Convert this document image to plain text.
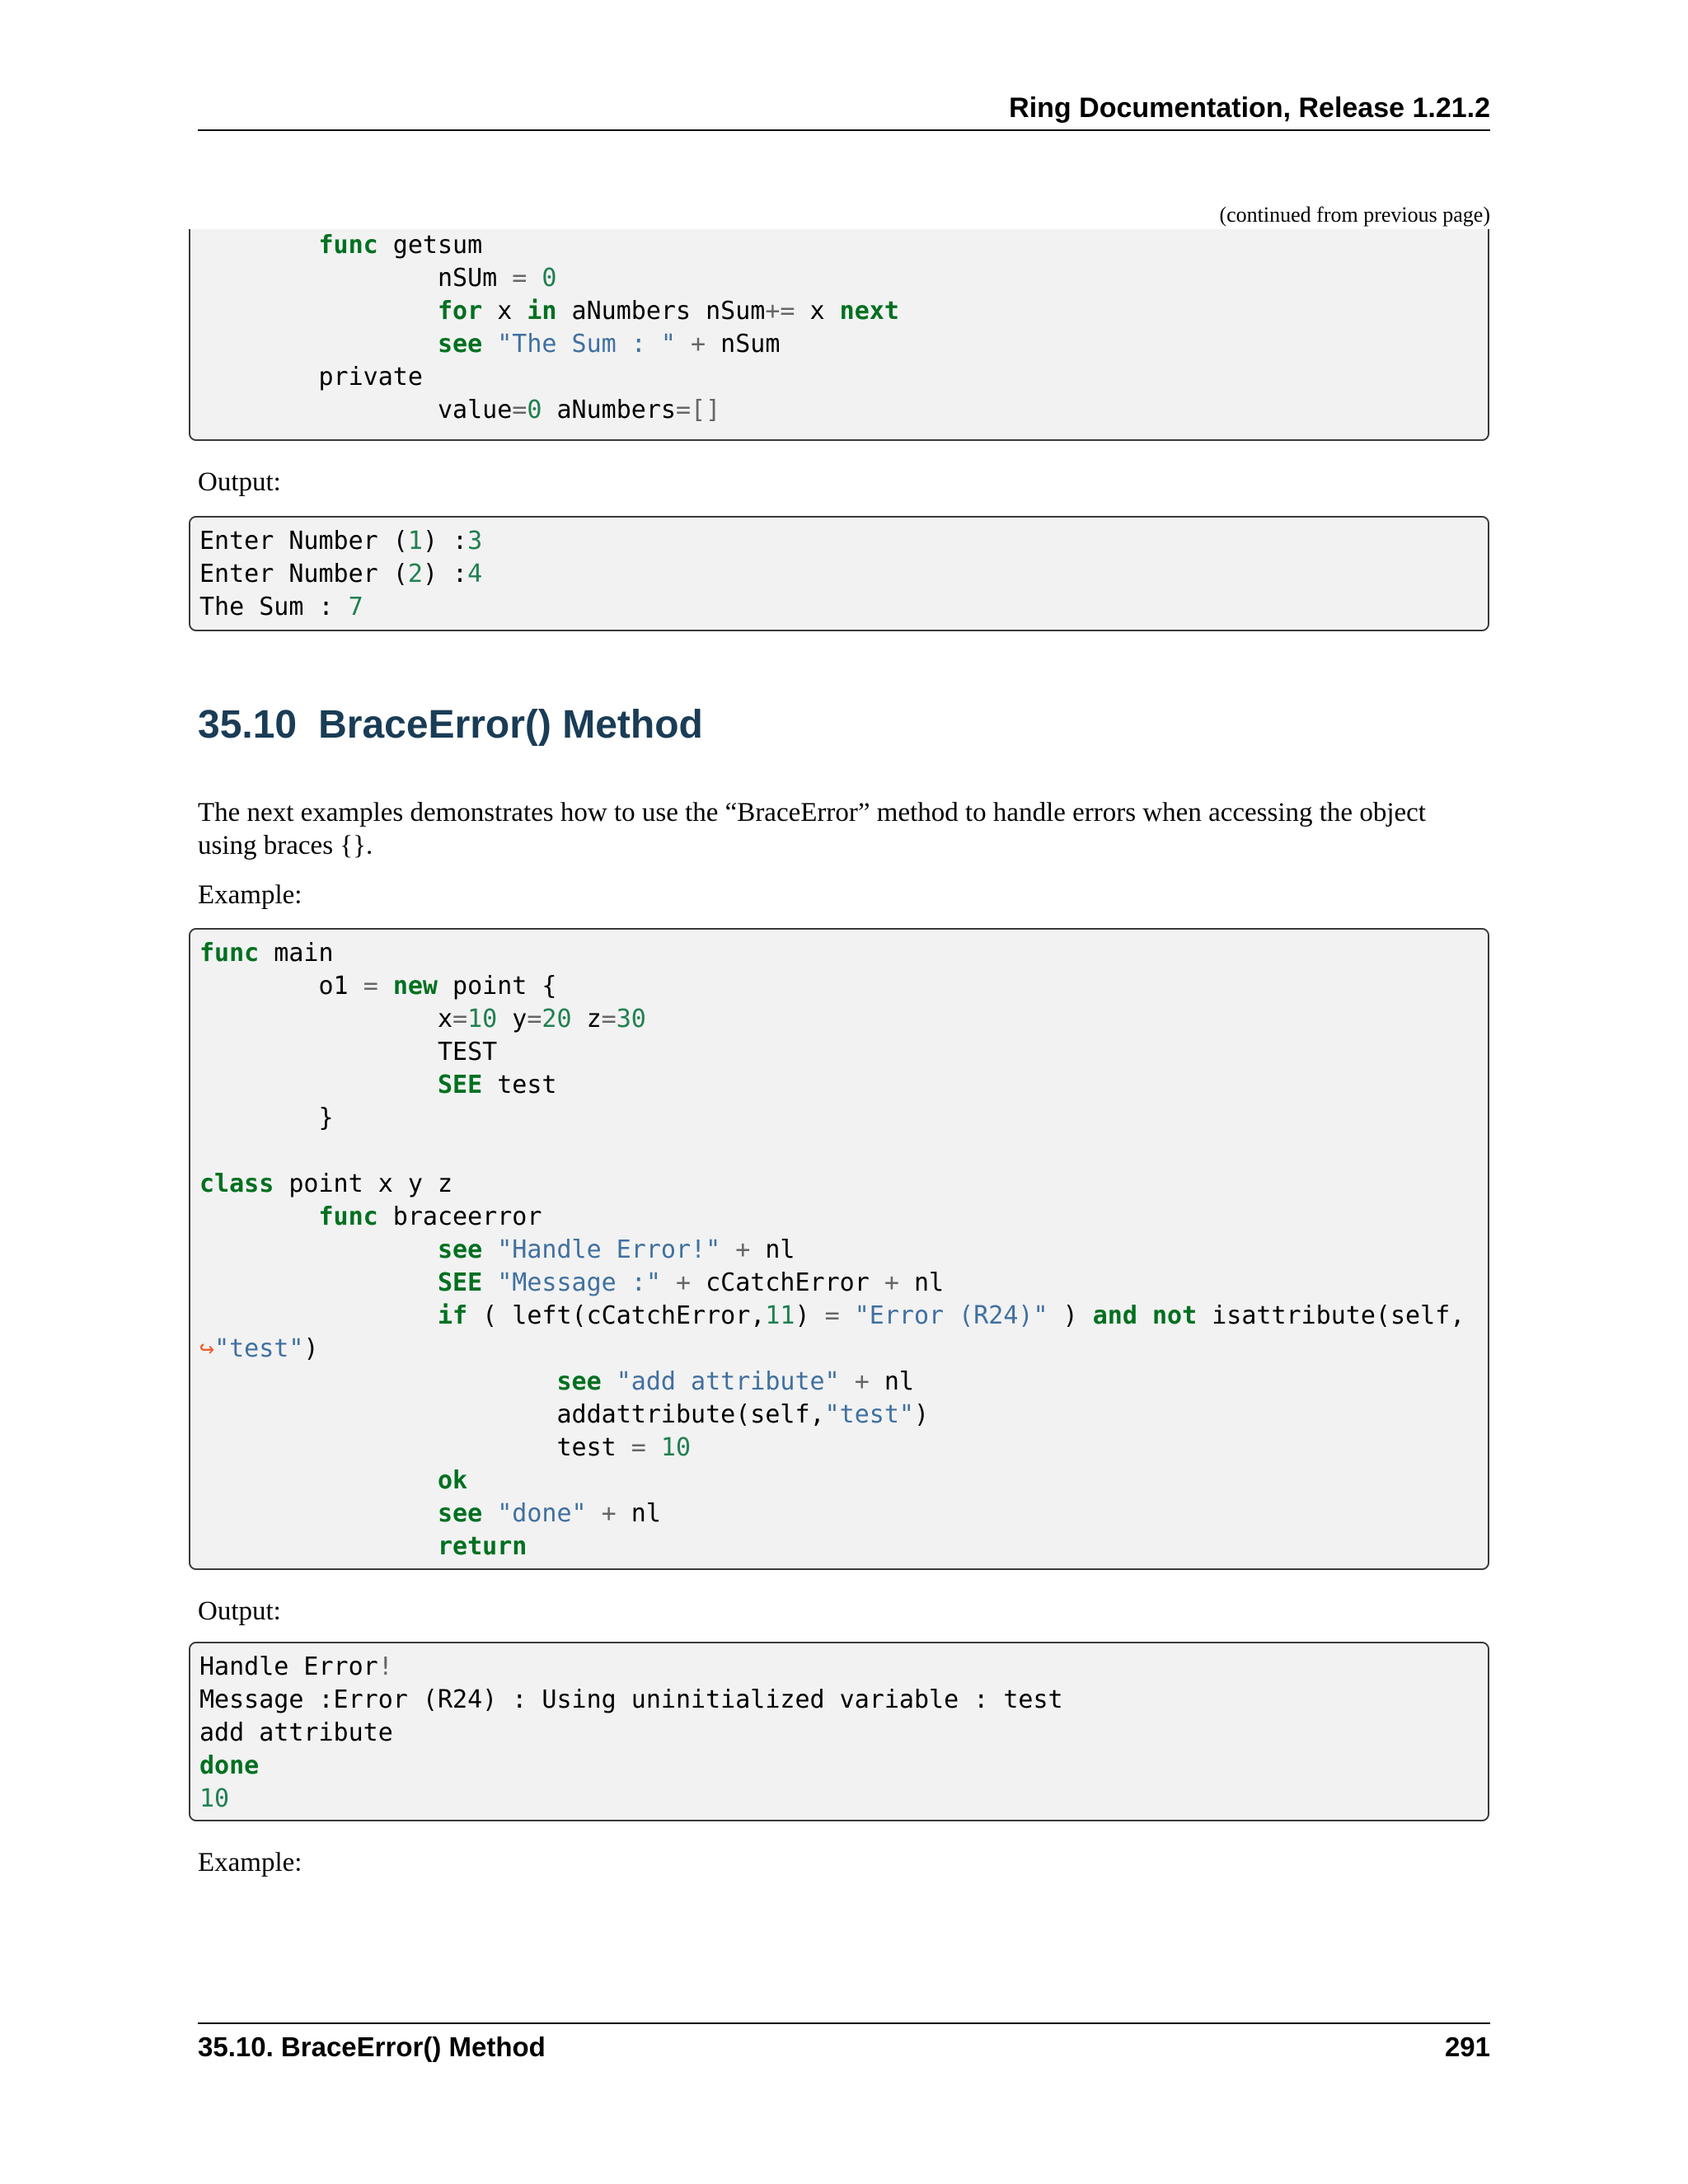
Ring Documentation, Release 1.21.2
(continued from previous page)
func getsum
nSUm = 0
for x in aNumbers nSum+= x next
see "The Sum : " + nSum
private
value=0 aNumbers=[]
Output:
Enter Number (1) :3
Enter Number (2) :4
The Sum : 7
35.10 BraceError() Method
The next examples demonstrates how to use the “BraceError” method to handle errors when accessing the object using braces {}.
Example:
func main
o1 = new point {
x=10 y=20 z=30
TEST
SEE test
}

class point x y z
func braceerror
see "Handle Error!" + nl
SEE "Message :" + cCatchError + nl
if ( left(cCatchError,11) = "Error (R24)" ) and not isattribute(self,
↪"test")
see "add attribute" + nl
addattribute(self,"test")
test = 10
ok
see "done" + nl
return
Output:
Handle Error!
Message :Error (R24) : Using uninitialized variable : test
add attribute
done
10
Example:
35.10. BraceError() Method	291
